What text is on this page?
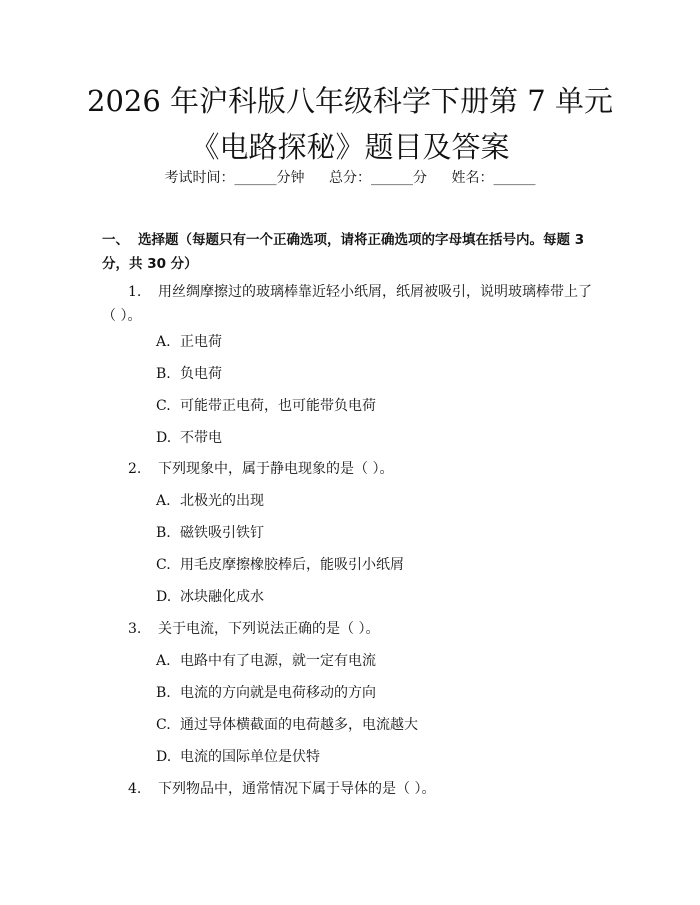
2026 年沪科版八年级科学下册第 7 单元《电路探秘》题目及答案
考试时间：______分钟 总分：______分 姓名：______
一、 选择题（每题只有一个正确选项，请将正确选项的字母填在括号内。每题 3 分，共 30 分）
1. 用丝绸摩擦过的玻璃棒靠近轻小纸屑，纸屑被吸引，说明玻璃棒带上了（ ）。
A. 正电荷
B. 负电荷
C. 可能带正电荷，也可能带负电荷
D. 不带电
2. 下列现象中，属于静电现象的是（ ）。
A. 北极光的出现
B. 磁铁吸引铁钉
C. 用毛皮摩擦橡胶棒后，能吸引小纸屑
D. 冰块融化成水
3. 关于电流，下列说法正确的是（ ）。
A. 电路中有了电源，就一定有电流
B. 电流的方向就是电荷移动的方向
C. 通过导体横截面的电荷越多，电流越大
D. 电流的国际单位是伏特
4. 下列物品中，通常情况下属于导体的是（ ）。
